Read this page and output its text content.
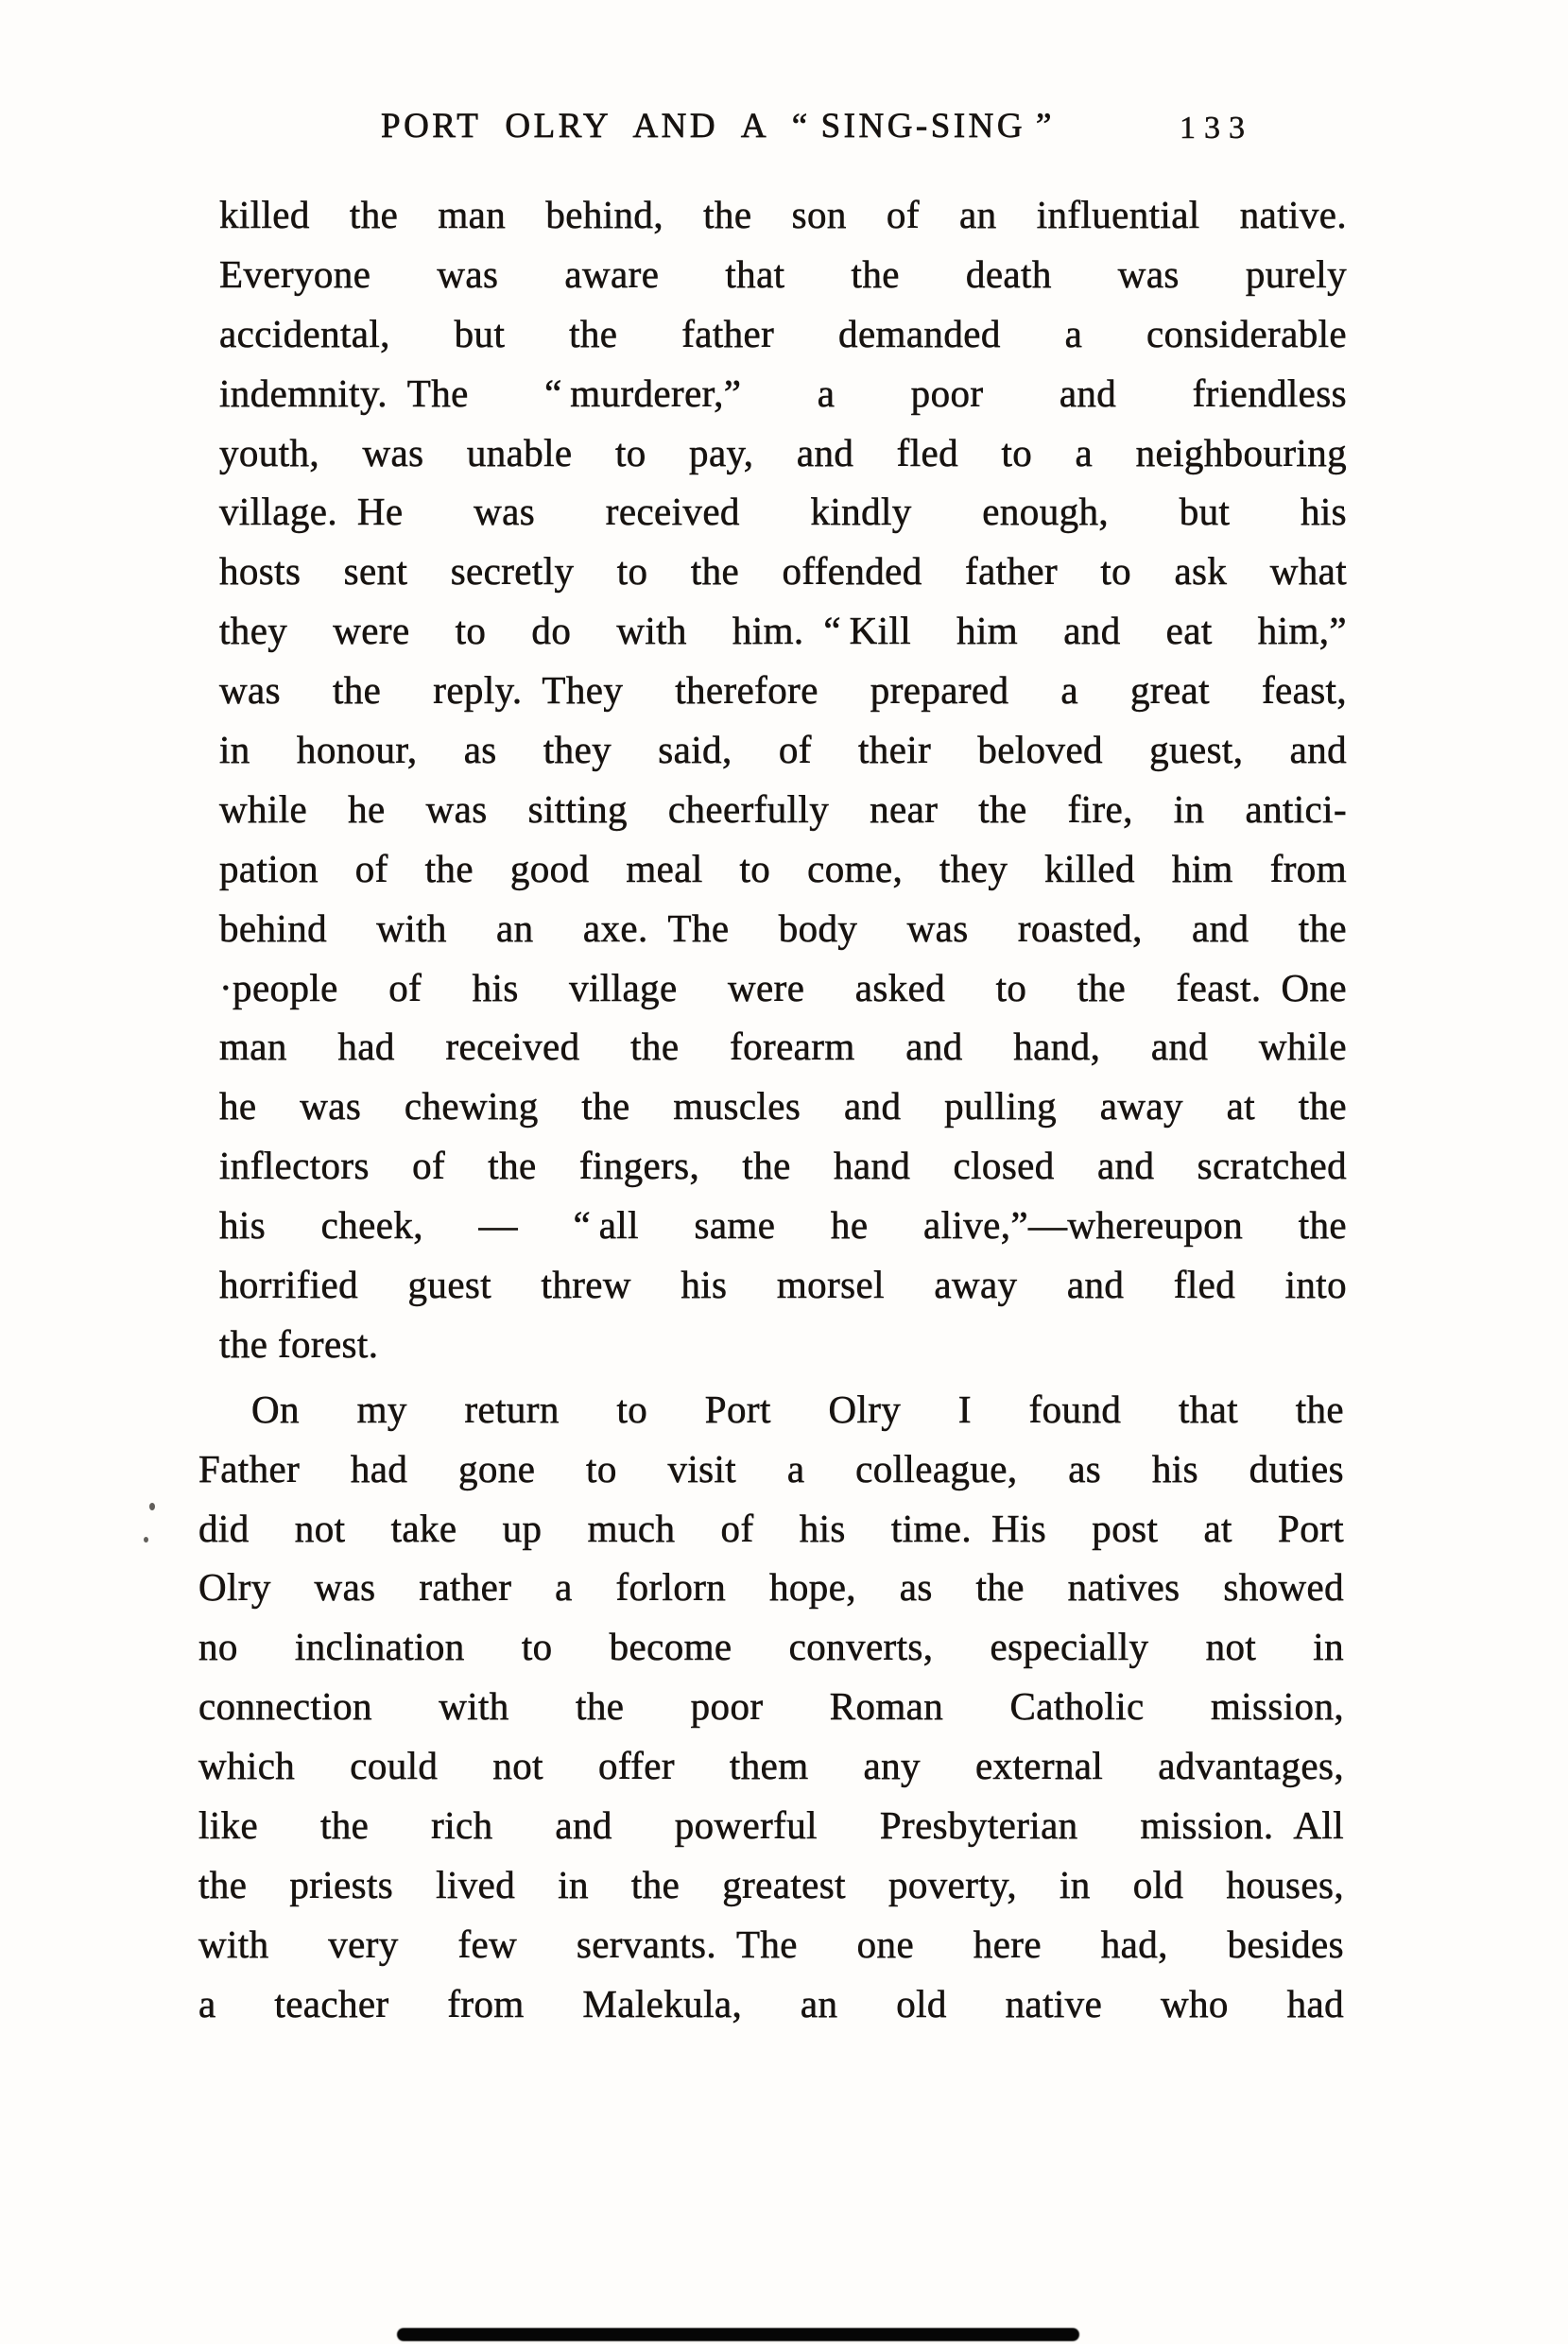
PORT OLRY AND A “ SING-SING ”	133
killed the man behind, the son of an influential native.
Everyone was aware that the death was purely
accidental, but the father demanded a considerable
indemnity. The “ murderer,” a poor and friendless
youth, was unable to pay, and fled to a neighbouring
village. He was received kindly enough, but his
hosts sent secretly to the offended father to ask what
they were to do with him. “ Kill him and eat him,”
was the reply. They therefore prepared a great feast,
in honour, as they said, of their beloved guest, and
while he was sitting cheerfully near the fire, in antici-
pation of the good meal to come, they killed him from
behind with an axe. The body was roasted, and the
·people of his village were asked to the feast. One
man had received the forearm and hand, and while
he was chewing the muscles and pulling away at the
inflectors of the fingers, the hand closed and scratched
his cheek, — “ all same he alive,”—whereupon the
horrified guest threw his morsel away and fled into
the forest.
On my return to Port Olry I found that the
Father had gone to visit a colleague, as his duties
did not take up much of his time. His post at Port
Olry was rather a forlorn hope, as the natives showed
no inclination to become converts, especially not in
connection with the poor Roman Catholic mission,
which could not offer them any external advantages,
like the rich and powerful Presbyterian mission. All
the priests lived in the greatest poverty, in old houses,
with very few servants. The one here had, besides
a teacher from Malekula, an old native who had
